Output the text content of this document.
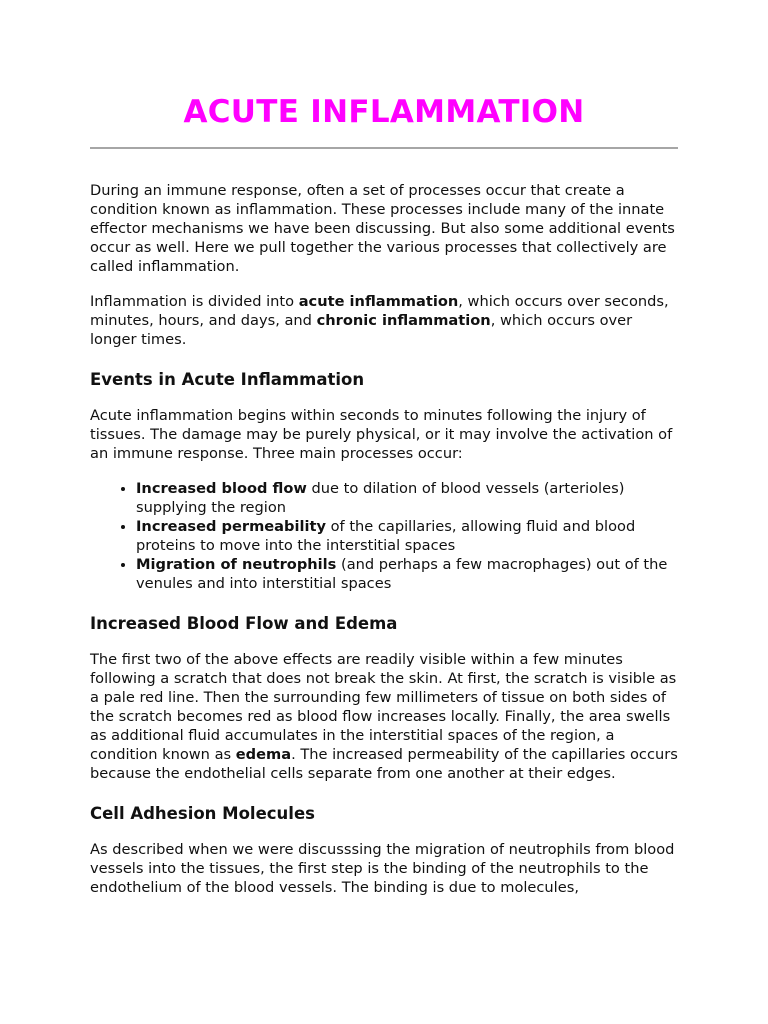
ACUTE INFLAMMATION

During an immune response, often a set of processes occur that create a condition known as inflammation. These processes include many of the innate effector mechanisms we have been discussing. But also some additional events occur as well. Here we pull together the various processes that collectively are called inflammation.

Inflammation is divided into acute inflammation, which occurs over seconds, minutes, hours, and days, and chronic inflammation, which occurs over longer times.

Events in Acute Inflammation

Acute inflammation begins within seconds to minutes following the injury of tissues. The damage may be purely physical, or it may involve the activation of an immune response. Three main processes occur:

• Increased blood flow due to dilation of blood vessels (arterioles) supplying the region
• Increased permeability of the capillaries, allowing fluid and blood proteins to move into the interstitial spaces
• Migration of neutrophils (and perhaps a few macrophages) out of the venules and into interstitial spaces
Increased Blood Flow and Edema

The first two of the above effects are readily visible within a few minutes following a scratch that does not break the skin. At first, the scratch is visible as a pale red line. Then the surrounding few millimeters of tissue on both sides of the scratch becomes red as blood flow increases locally. Finally, the area swells as additional fluid accumulates in the interstitial spaces of the region, a condition known as edema. The increased permeability of the capillaries occurs because the endothelial cells separate from one another at their edges.

Cell Adhesion Molecules

As described when we were discusssing the migration of neutrophils from blood vessels into the tissues, the first step is the binding of the neutrophils to the endothelium of the blood vessels. The binding is due to molecules,
